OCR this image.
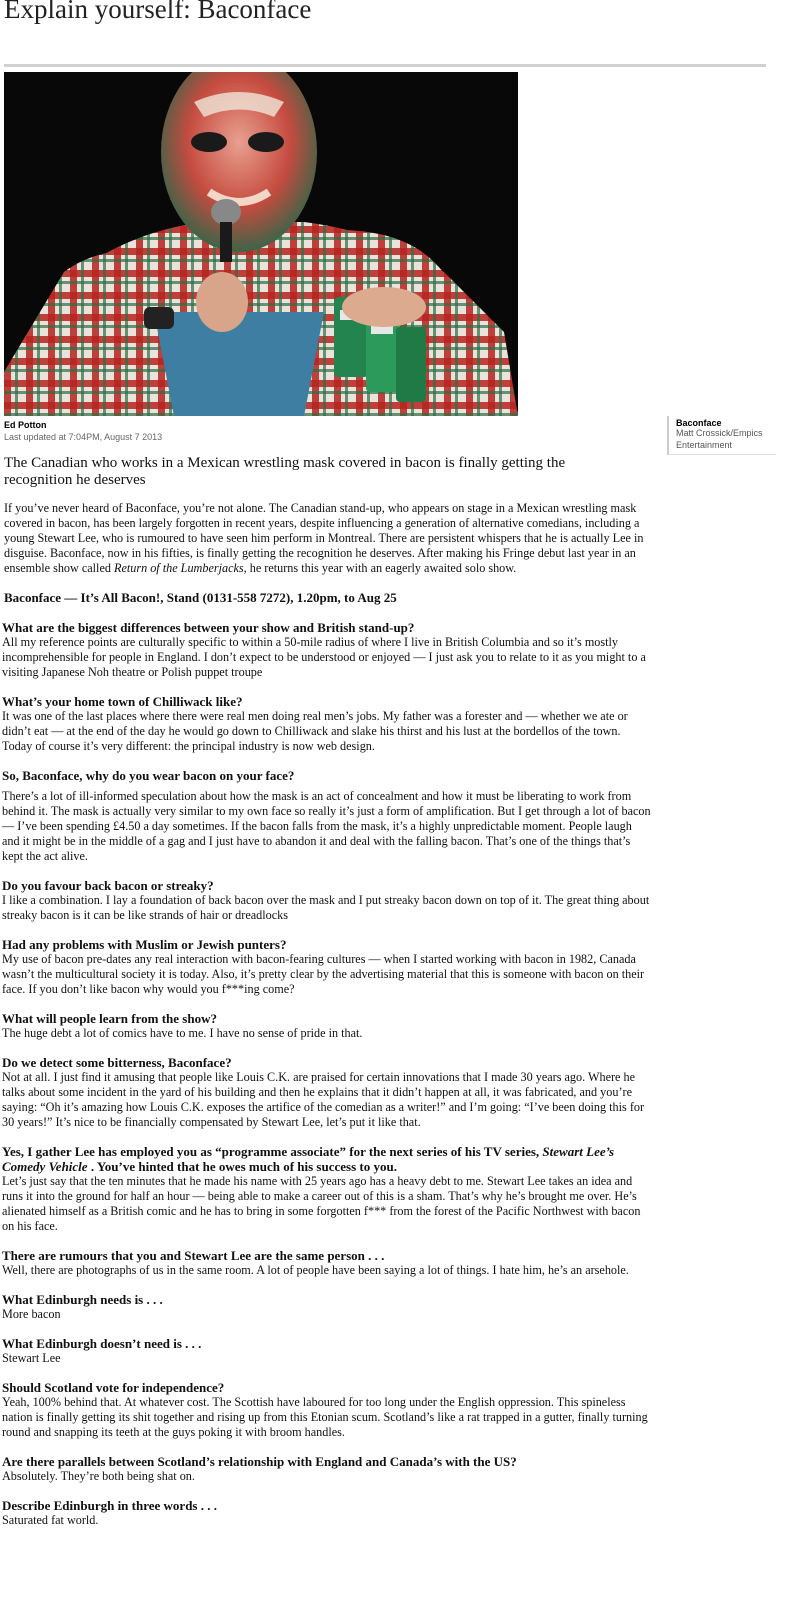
Explain yourself: Baconface
Ed Potton
Last updated at 7:04PM, August 7 2013
Baconface
Matt Crossick/Empics Entertainment

The Canadian who works in a Mexican wrestling mask covered in bacon is finally getting the recognition he deserves

If you’ve never heard of Baconface, you’re not alone. The Canadian stand-up, who appears on stage in a Mexican wrestling mask covered in bacon, has been largely forgotten in recent years, despite influencing a generation of alternative comedians, including a young Stewart Lee, who is rumoured to have seen him perform in Montreal. There are persistent whispers that he is actually Lee in disguise. Baconface, now in his fifties, is finally getting the recognition he deserves. After making his Fringe debut last year in an ensemble show called Return of the Lumberjacks, he returns this year with an eagerly awaited solo show.

Baconface — It’s All Bacon!, Stand (0131-558 7272), 1.20pm, to Aug 25

What are the biggest differences between your show and British stand-up?

All my reference points are culturally specific to within a 50-mile radius of where I live in British Columbia and so it’s mostly incomprehensible for people in England. I don’t expect to be understood or enjoyed — I just ask you to relate to it as you might to a visiting Japanese Noh theatre or Polish puppet troupe

What’s your home town of Chilliwack like?

It was one of the last places where there were real men doing real men’s jobs. My father was a forester and — whether we ate or didn’t eat — at the end of the day he would go down to Chilliwack and slake his thirst and his lust at the bordellos of the town. Today of course it’s very different: the principal industry is now web design.

So, Baconface, why do you wear bacon on your face?

There’s a lot of ill-informed speculation about how the mask is an act of concealment and how it must be liberating to work from behind it. The mask is actually very similar to my own face so really it’s just a form of amplification. But I get through a lot of bacon — I’ve been spending £4.50 a day sometimes. If the bacon falls from the mask, it’s a highly unpredictable moment. People laugh and it might be in the middle of a gag and I just have to abandon it and deal with the falling bacon. That’s one of the things that’s kept the act alive.

Do you favour back bacon or streaky?

I like a combination. I lay a foundation of back bacon over the mask and I put streaky bacon down on top of it. The great thing about streaky bacon is it can be like strands of hair or dreadlocks

Had any problems with Muslim or Jewish punters?

My use of bacon pre-dates any real interaction with bacon-fearing cultures — when I started working with bacon in 1982, Canada wasn’t the multicultural society it is today. Also, it’s pretty clear by the advertising material that this is someone with bacon on their face. If you don’t like bacon why would you f***ing come?

What will people learn from the show?

The huge debt a lot of comics have to me. I have no sense of pride in that.

Do we detect some bitterness, Baconface?

Not at all. I just find it amusing that people like Louis C.K. are praised for certain innovations that I made 30 years ago. Where he talks about some incident in the yard of his building and then he explains that it didn’t happen at all, it was fabricated, and you’re saying: “Oh it’s amazing how Louis C.K. exposes the artifice of the comedian as a writer!” and I’m going: “I’ve been doing this for 30 years!” It’s nice to be financially compensated by Stewart Lee, let’s put it like that.

Yes, I gather Lee has employed you as “programme associate” for the next series of his TV series, Stewart Lee’s Comedy Vehicle . You’ve hinted that he owes much of his success to you.

Let’s just say that the ten minutes that he made his name with 25 years ago has a heavy debt to me. Stewart Lee takes an idea and runs it into the ground for half an hour — being able to make a career out of this is a sham. That’s why he’s brought me over. He’s alienated himself as a British comic and he has to bring in some forgotten f*** from the forest of the Pacific Northwest with bacon on his face.

There are rumours that you and Stewart Lee are the same person . . .

Well, there are photographs of us in the same room. A lot of people have been saying a lot of things. I hate him, he’s an arsehole.

What Edinburgh needs is . . .

More bacon

What Edinburgh doesn’t need is . . .

Stewart Lee

Should Scotland vote for independence?

Yeah, 100% behind that. At whatever cost. The Scottish have laboured for too long under the English oppression. This spineless nation is finally getting its shit together and rising up from this Etonian scum. Scotland’s like a rat trapped in a gutter, finally turning round and snapping its teeth at the guys poking it with broom handles.

Are there parallels between Scotland’s relationship with England and Canada’s with the US?

Absolutely. They’re both being shat on.

Describe Edinburgh in three words . . .

Saturated fat world.
